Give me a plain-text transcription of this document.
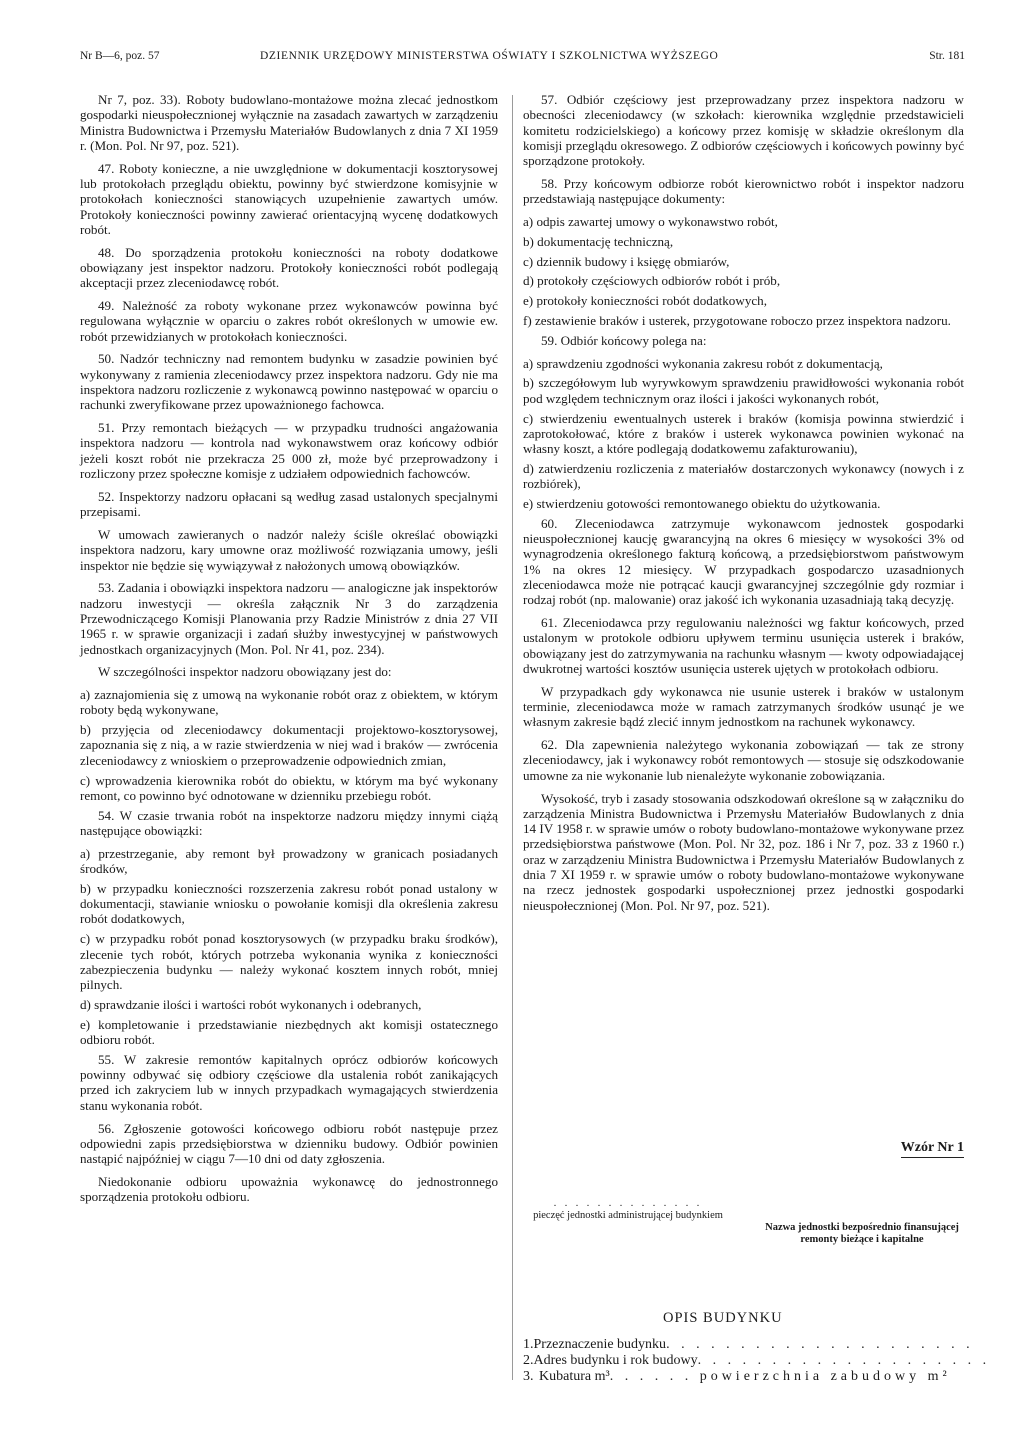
Nr B—6, poz. 57	DZIENNIK URZĘDOWY MINISTERSTWA OŚWIATY I SZKOLNICTWA WYŻSZEGO	Str. 181

Nr 7, poz. 33). Roboty budowlano-montażowe można zlecać jednostkom gospodarki nieuspołecznionej wyłącznie na zasadach zawartych w zarządzeniu Ministra Budownictwa i Przemysłu Materiałów Budowlanych z dnia 7 XI 1959 r. (Mon. Pol. Nr 97, poz. 521).

47. Roboty konieczne, a nie uwzględnione w dokumentacji kosztorysowej lub protokołach przeglądu obiektu, powinny być stwierdzone komisyjnie w protokołach konieczności stanowiących uzupełnienie zawartych umów. Protokoły konieczności powinny zawierać orientacyjną wycenę dodatkowych robót.

48. Do sporządzenia protokołu konieczności na roboty dodatkowe obowiązany jest inspektor nadzoru. Protokoły konieczności robót podlegają akceptacji przez zleceniodawcę robót.

49. Należność za roboty wykonane przez wykonawców powinna być regulowana wyłącznie w oparciu o zakres robót określonych w umowie ew. robót przewidzianych w protokołach konieczności.

50. Nadzór techniczny nad remontem budynku w zasadzie powinien być wykonywany z ramienia zleceniodawcy przez inspektora nadzoru. Gdy nie ma inspektora nadzoru rozliczenie z wykonawcą powinno następować w oparciu o rachunki zweryfikowane przez upoważnionego fachowca.

51. Przy remontach bieżących — w przypadku trudności angażowania inspektora nadzoru — kontrola nad wykonawstwem oraz końcowy odbiór jeżeli koszt robót nie przekracza 25 000 zł, może być przeprowadzony i rozliczony przez społeczne komisje z udziałem odpowiednich fachowców.

52. Inspektorzy nadzoru opłacani są według zasad ustalonych specjalnymi przepisami.

W umowach zawieranych o nadzór należy ściśle określać obowiązki inspektora nadzoru, kary umowne oraz możliwość rozwiązania umowy, jeśli inspektor nie będzie się wywiązywał z nałożonych umową obowiązków.

53. Zadania i obowiązki inspektora nadzoru — analogiczne jak inspektorów nadzoru inwestycji — określa załącznik Nr 3 do zarządzenia Przewodniczącego Komisji Planowania przy Radzie Ministrów z dnia 27 VII 1965 r. w sprawie organizacji i zadań służby inwestycyjnej w państwowych jednostkach organizacyjnych (Mon. Pol. Nr 41, poz. 234).

W szczególności inspektor nadzoru obowiązany jest do:

a) zaznajomienia się z umową na wykonanie robót oraz z obiektem, w którym roboty będą wykonywane,

b) przyjęcia od zleceniodawcy dokumentacji projektowo-kosztorysowej, zapoznania się z nią, a w razie stwierdzenia w niej wad i braków — zwrócenia zleceniodawcy z wnioskiem o przeprowadzenie odpowiednich zmian,

c) wprowadzenia kierownika robót do obiektu, w którym ma być wykonany remont, co powinno być odnotowane w dzienniku przebiegu robót.

54. W czasie trwania robót na inspektorze nadzoru między innymi ciążą następujące obowiązki:

a) przestrzeganie, aby remont był prowadzony w granicach posiadanych środków,

b) w przypadku konieczności rozszerzenia zakresu robót ponad ustalony w dokumentacji, stawianie wniosku o powołanie komisji dla określenia zakresu robót dodatkowych,

c) w przypadku robót ponad kosztorysowych (w przypadku braku środków), zlecenie tych robót, których potrzeba wykonania wynika z konieczności zabezpieczenia budynku — należy wykonać kosztem innych robót, mniej pilnych.

d) sprawdzanie ilości i wartości robót wykonanych i odebranych,

e) kompletowanie i przedstawianie niezbędnych akt komisji ostatecznego odbioru robót.

55. W zakresie remontów kapitalnych oprócz odbiorów końcowych powinny odbywać się odbiory częściowe dla ustalenia robót zanikających przed ich zakryciem lub w innych przypadkach wymagających stwierdzenia stanu wykonania robót.

56. Zgłoszenie gotowości końcowego odbioru robót następuje przez odpowiedni zapis przedsiębiorstwa w dzienniku budowy. Odbiór powinien nastąpić najpóźniej w ciągu 7—10 dni od daty zgłoszenia.

Niedokonanie odbioru upoważnia wykonawcę do jednostronnego sporządzenia protokołu odbioru.

57. Odbiór częściowy jest przeprowadzany przez inspektora nadzoru w obecności zleceniodawcy (w szkołach: kierownika względnie przedstawicieli komitetu rodzicielskiego) a końcowy przez komisję w składzie określonym dla komisji przeglądu okresowego. Z odbiorów częściowych i końcowych powinny być sporządzone protokoły.

58. Przy końcowym odbiorze robót kierownictwo robót i inspektor nadzoru przedstawiają następujące dokumenty:

a) odpis zawartej umowy o wykonawstwo robót,

b) dokumentację techniczną,

c) dziennik budowy i księgę obmiarów,

d) protokoły częściowych odbiorów robót i prób,

e) protokoły konieczności robót dodatkowych,

f) zestawienie braków i usterek, przygotowane roboczo przez inspektora nadzoru.

59. Odbiór końcowy polega na:

a) sprawdzeniu zgodności wykonania zakresu robót z dokumentacją,

b) szczegółowym lub wyrywkowym sprawdzeniu prawidłowości wykonania robót pod względem technicznym oraz ilości i jakości wykonanych robót,

c) stwierdzeniu ewentualnych usterek i braków (komisja powinna stwierdzić i zaprotokołować, które z braków i usterek wykonawca powinien wykonać na własny koszt, a które podlegają dodatkowemu zafakturowaniu),

d) zatwierdzeniu rozliczenia z materiałów dostarczonych wykonawcy (nowych i z rozbiórek),

e) stwierdzeniu gotowości remontowanego obiektu do użytkowania.

60. Zleceniodawca zatrzymuje wykonawcom jednostek gospodarki nieuspołecznionej kaucję gwarancyjną na okres 6 miesięcy w wysokości 3% od wynagrodzenia określonego fakturą końcową, a przedsiębiorstwom państwowym 1% na okres 12 miesięcy. W przypadkach gospodarczo uzasadnionych zleceniodawca może nie potrącać kaucji gwarancyjnej szczególnie gdy rozmiar i rodzaj robót (np. malowanie) oraz jakość ich wykonania uzasadniają taką decyzję.

61. Zleceniodawca przy regulowaniu należności wg faktur końcowych, przed ustalonym w protokole odbioru upływem terminu usunięcia usterek i braków, obowiązany jest do zatrzymywania na rachunku własnym — kwoty odpowiadającej dwukrotnej wartości kosztów usunięcia usterek ujętych w protokołach odbioru.

W przypadkach gdy wykonawca nie usunie usterek i braków w ustalonym terminie, zleceniodawca może w ramach zatrzymanych środków usunąć je we własnym zakresie bądź zlecić innym jednostkom na rachunek wykonawcy.

62. Dla zapewnienia należytego wykonania zobowiązań — tak ze strony zleceniodawcy, jak i wykonawcy robót remontowych — stosuje się odszkodowanie umowne za nie wykonanie lub nienależyte wykonanie zobowiązania.

Wysokość, tryb i zasady stosowania odszkodowań określone są w załączniku do zarządzenia Ministra Budownictwa i Przemysłu Materiałów Budowlanych z dnia 14 IV 1958 r. w sprawie umów o roboty budowlano-montażowe wykonywane przez przedsiębiorstwa państwowe (Mon. Pol. Nr 32, poz. 186 i Nr 7, poz. 33 z 1960 r.) oraz w zarządzeniu Ministra Budownictwa i Przemysłu Materiałów Budowlanych z dnia 7 XI 1959 r. w sprawie umów o roboty budowlano-montażowe wykonywane na rzecz jednostek gospodarki uspołecznionej przez jednostki gospodarki nieuspołecznionej (Mon. Pol. Nr 97, poz. 521).

Wzór Nr 1
. . . . . . . . . . . . . .
pieczęć jednostki administrującej budynkiem
Nazwa jednostki bezpośrednio finansującej remonty bieżące i kapitalne
OPIS BUDYNKU
1. Przeznaczenie budynku . . . . . . . . . . . . . . . . . . . . .
2. Adres budynku i rok budowy . . . . . . . . . . . . . . . . . . . .
3. Kubatura m³ . . . . . . powierzchnia zabudowy m²
